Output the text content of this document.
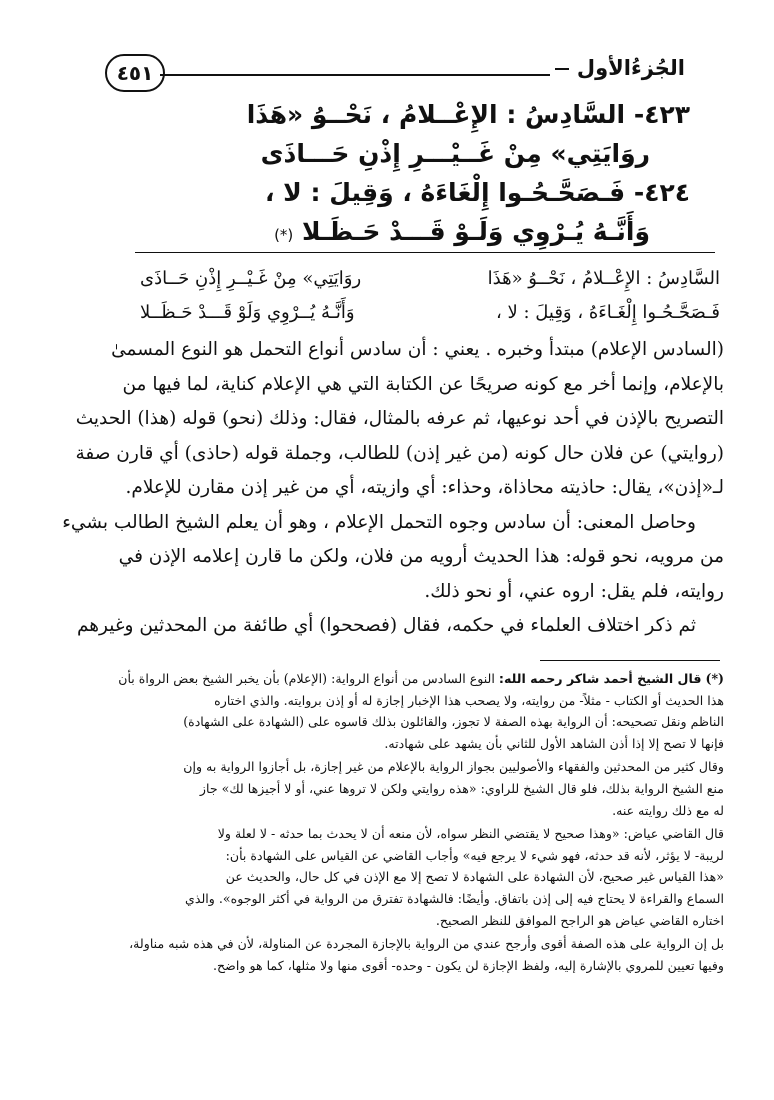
الجُزءُالأول
٤٥١
٤٢٣- السَّادِسُ : الإِعْــلامُ ، نَحْــوُ «هَذَا
روَايَتِي» مِنْ غَــيْـــرِ إِذْنِ حَـــاذَى
٤٢٤- فَـصَحَّـحُـوا إِلْغَاءَهُ ، وَقِيلَ : لا ،
وَأَنَّـهُ يُـرْوِي وَلَـوْ قَـــدْ حَـظَـلا (*)
السَّادِسُ : الإِعْــلامُ ، نَحْــوُ «هَذَا
روَايَتِي» مِنْ غَـيْــرِ إِذْنِ حَــاذَى
فَـصَحَّـحُـوا إِلْغَـاءَهُ ، وَقِيلَ : لا ،
وَأَنَّـهُ يُــرْوِي وَلَوْ قَـــدْ حَـظَــلا

(السادس الإعلام) مبتدأ وخبره . يعني : أن سادس أنواع التحمل هو النوع المسمىٰ
بالإعلام، وإنما أخر مع كونه صريحًا عن الكتابة التي هي الإعلام كناية، لما فيها من
التصريح بالإذن في أحد نوعيها، ثم عرفه بالمثال، فقال: وذلك (نحو) قوله (هذا) الحديث
(روايتي) عن فلان حال كونه (من غير إذن) للطالب، وجملة قوله (حاذى) أي قارن صفة
لـ«إذن»، يقال: حاذيته محاذاة، وحذاء: أي وازيته، أي من غير إذن مقارن للإعلام.

وحاصل المعنى: أن سادس وجوه التحمل الإعلام ، وهو أن يعلم الشيخ الطالب بشيء
من مرويه، نحو قوله: هذا الحديث أرويه من فلان، ولكن ما قارن إعلامه الإذن في
روايته، فلم يقل: اروه عني، أو نحو ذلك.

ثم ذكر اختلاف العلماء في حكمه، فقال (فصححوا) أي طائفة من المحدثين وغيرهم

(*) قال الشيخ أحمد شاكر رحمه الله: النوع السادس من أنواع الرواية: (الإعلام) بأن يخبر الشيخ بعض الرواة بأن
هذا الحديث أو الكتاب - مثلاً- من روايته، ولا يصحب هذا الإخبار إجازة له أو إذن بروايته. والذي اختاره
الناظم ونقل تصحيحه: أن الرواية بهذه الصفة لا تجوز، والقائلون بذلك قاسوه على (الشهادة على الشهادة)
فإنها لا تصح إلا إذا أذن الشاهد الأول للثاني بأن يشهد على شهادته.
وقال كثير من المحدثين والفقهاء والأصوليين بجواز الرواية بالإعلام من غير إجازة، بل أجازوا الرواية به وإن
منع الشيخ الرواية بذلك، فلو قال الشيخ للراوي: «هذه روايتي ولكن لا تروها عني، أو لا أجيزها لك» جاز
له مع ذلك روايته عنه.
قال القاضي عياض: «وهذا صحيح لا يقتضي النظر سواه، لأن منعه أن لا يحدث بما حدثه - لا لعلة ولا
لريبة- لا يؤثر، لأنه قد حدثه، فهو شيء لا يرجع فيه» وأجاب القاضي عن القياس على الشهادة بأن:
«هذا القياس غير صحيح، لأن الشهادة على الشهادة لا تصح إلا مع الإذن في كل حال، والحديث عن
السماع والقراءة لا يحتاج فيه إلى إذن باتفاق. وأيضًا: فالشهادة تفترق من الرواية في أكثر الوجوه». والذي
اختاره القاضي عياض هو الراجح الموافق للنظر الصحيح.
بل إن الرواية على هذه الصفة أقوى وأرجح عندي من الرواية بالإجازة المجردة عن المناولة، لأن في هذه شبه مناولة،
وفيها تعيين للمروي بالإشارة إليه، ولفظ الإجازة لن يكون - وحده- أقوى منها ولا مثلها، كما هو واضح.
